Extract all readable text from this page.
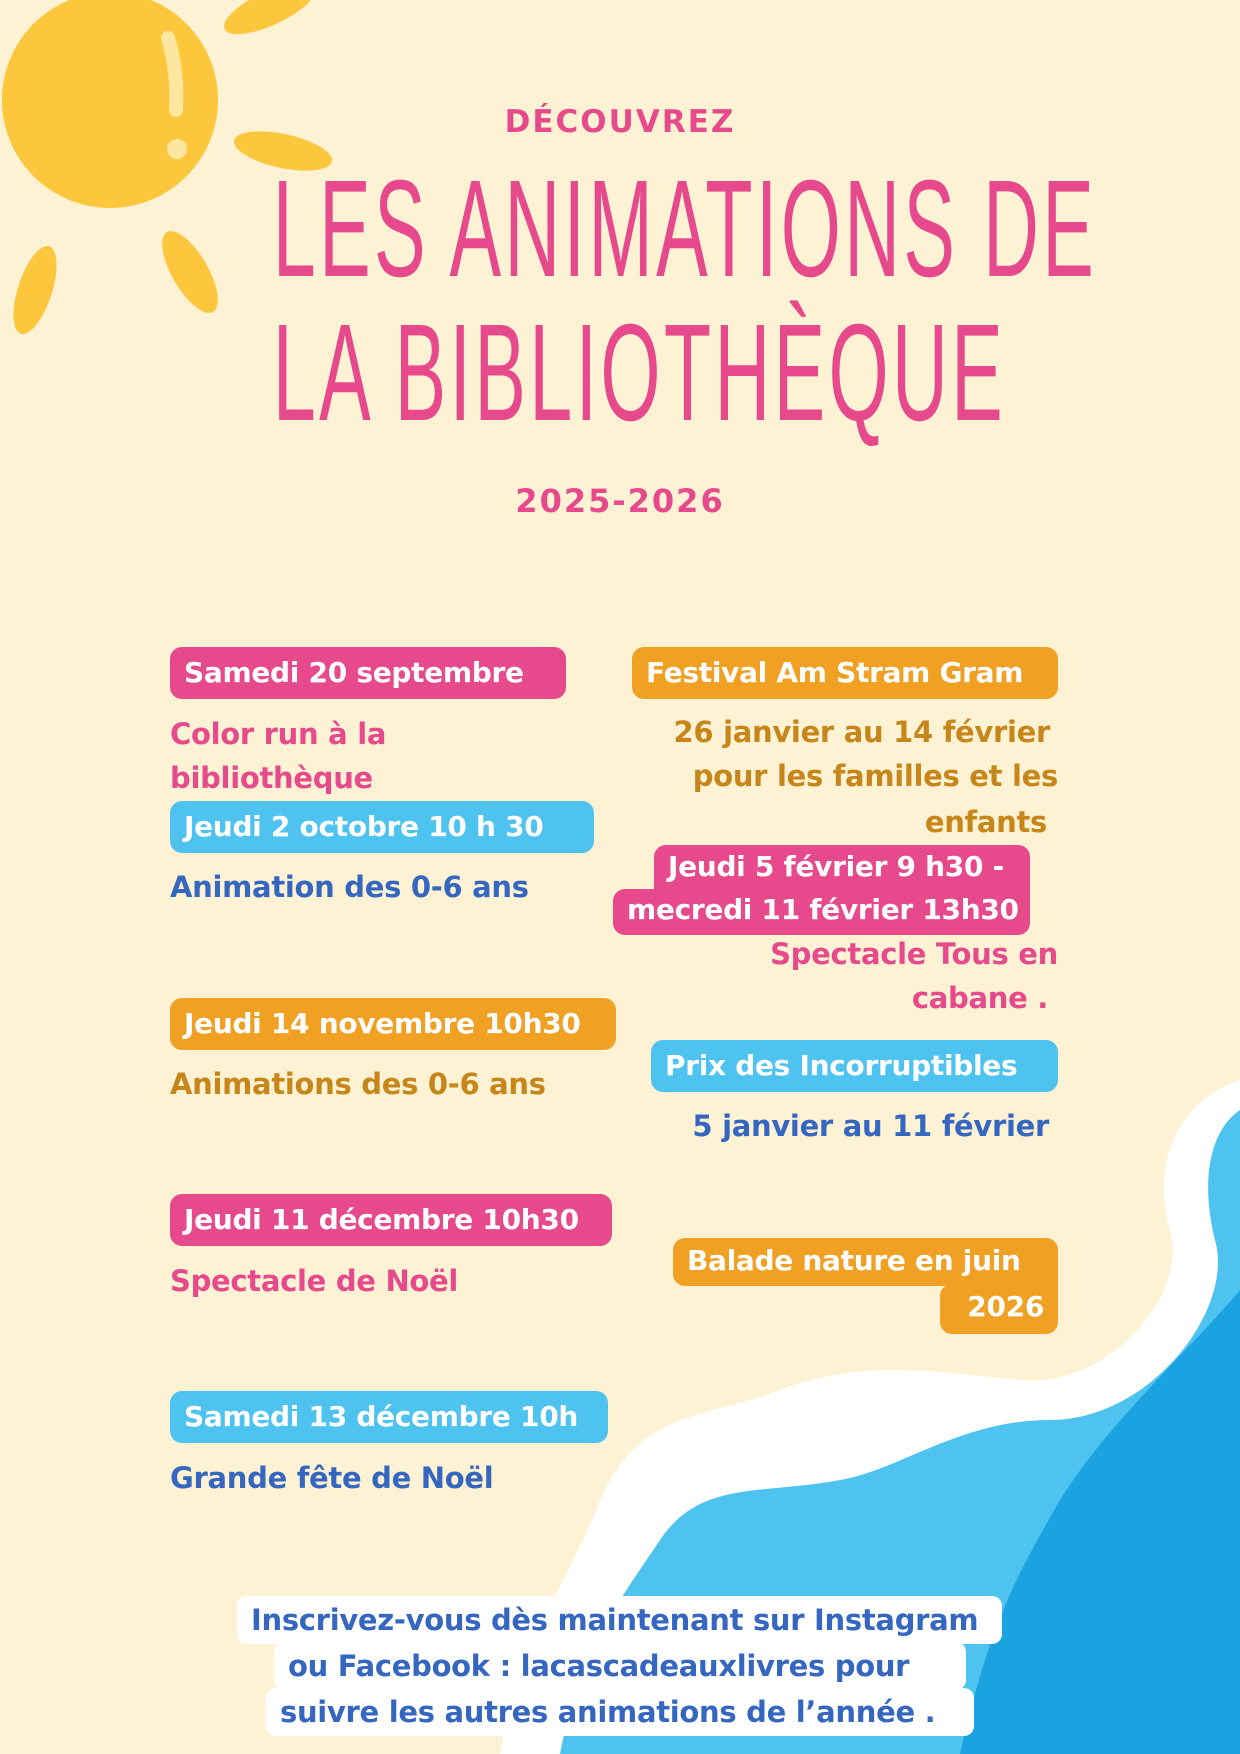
DÉCOUVREZ
LES ANIMATIONS DE
LA BIBLIOTHÈQUE
2025-2026
Samedi 20 septembre
Color run à la
bibliothèque
Jeudi 2 octobre 10 h 30
Animation des 0-6 ans
Jeudi 14 novembre 10h30
Animations des 0-6 ans
Jeudi 11 décembre 10h30
Spectacle de Noël
Samedi 13 décembre 10h
Grande fête de Noël
Festival Am Stram Gram
26 janvier au 14 février
pour les familles et les
enfants
Jeudi 5 février 9 h30 -
mecredi 11 février 13h30
Spectacle Tous en
cabane .
Prix des Incorruptibles
5 janvier au 11 février
Balade nature en juin
2026
Inscrivez-vous dès maintenant sur Instagram
ou Facebook : lacascadeauxlivres pour
suivre les autres animations de l’année .
